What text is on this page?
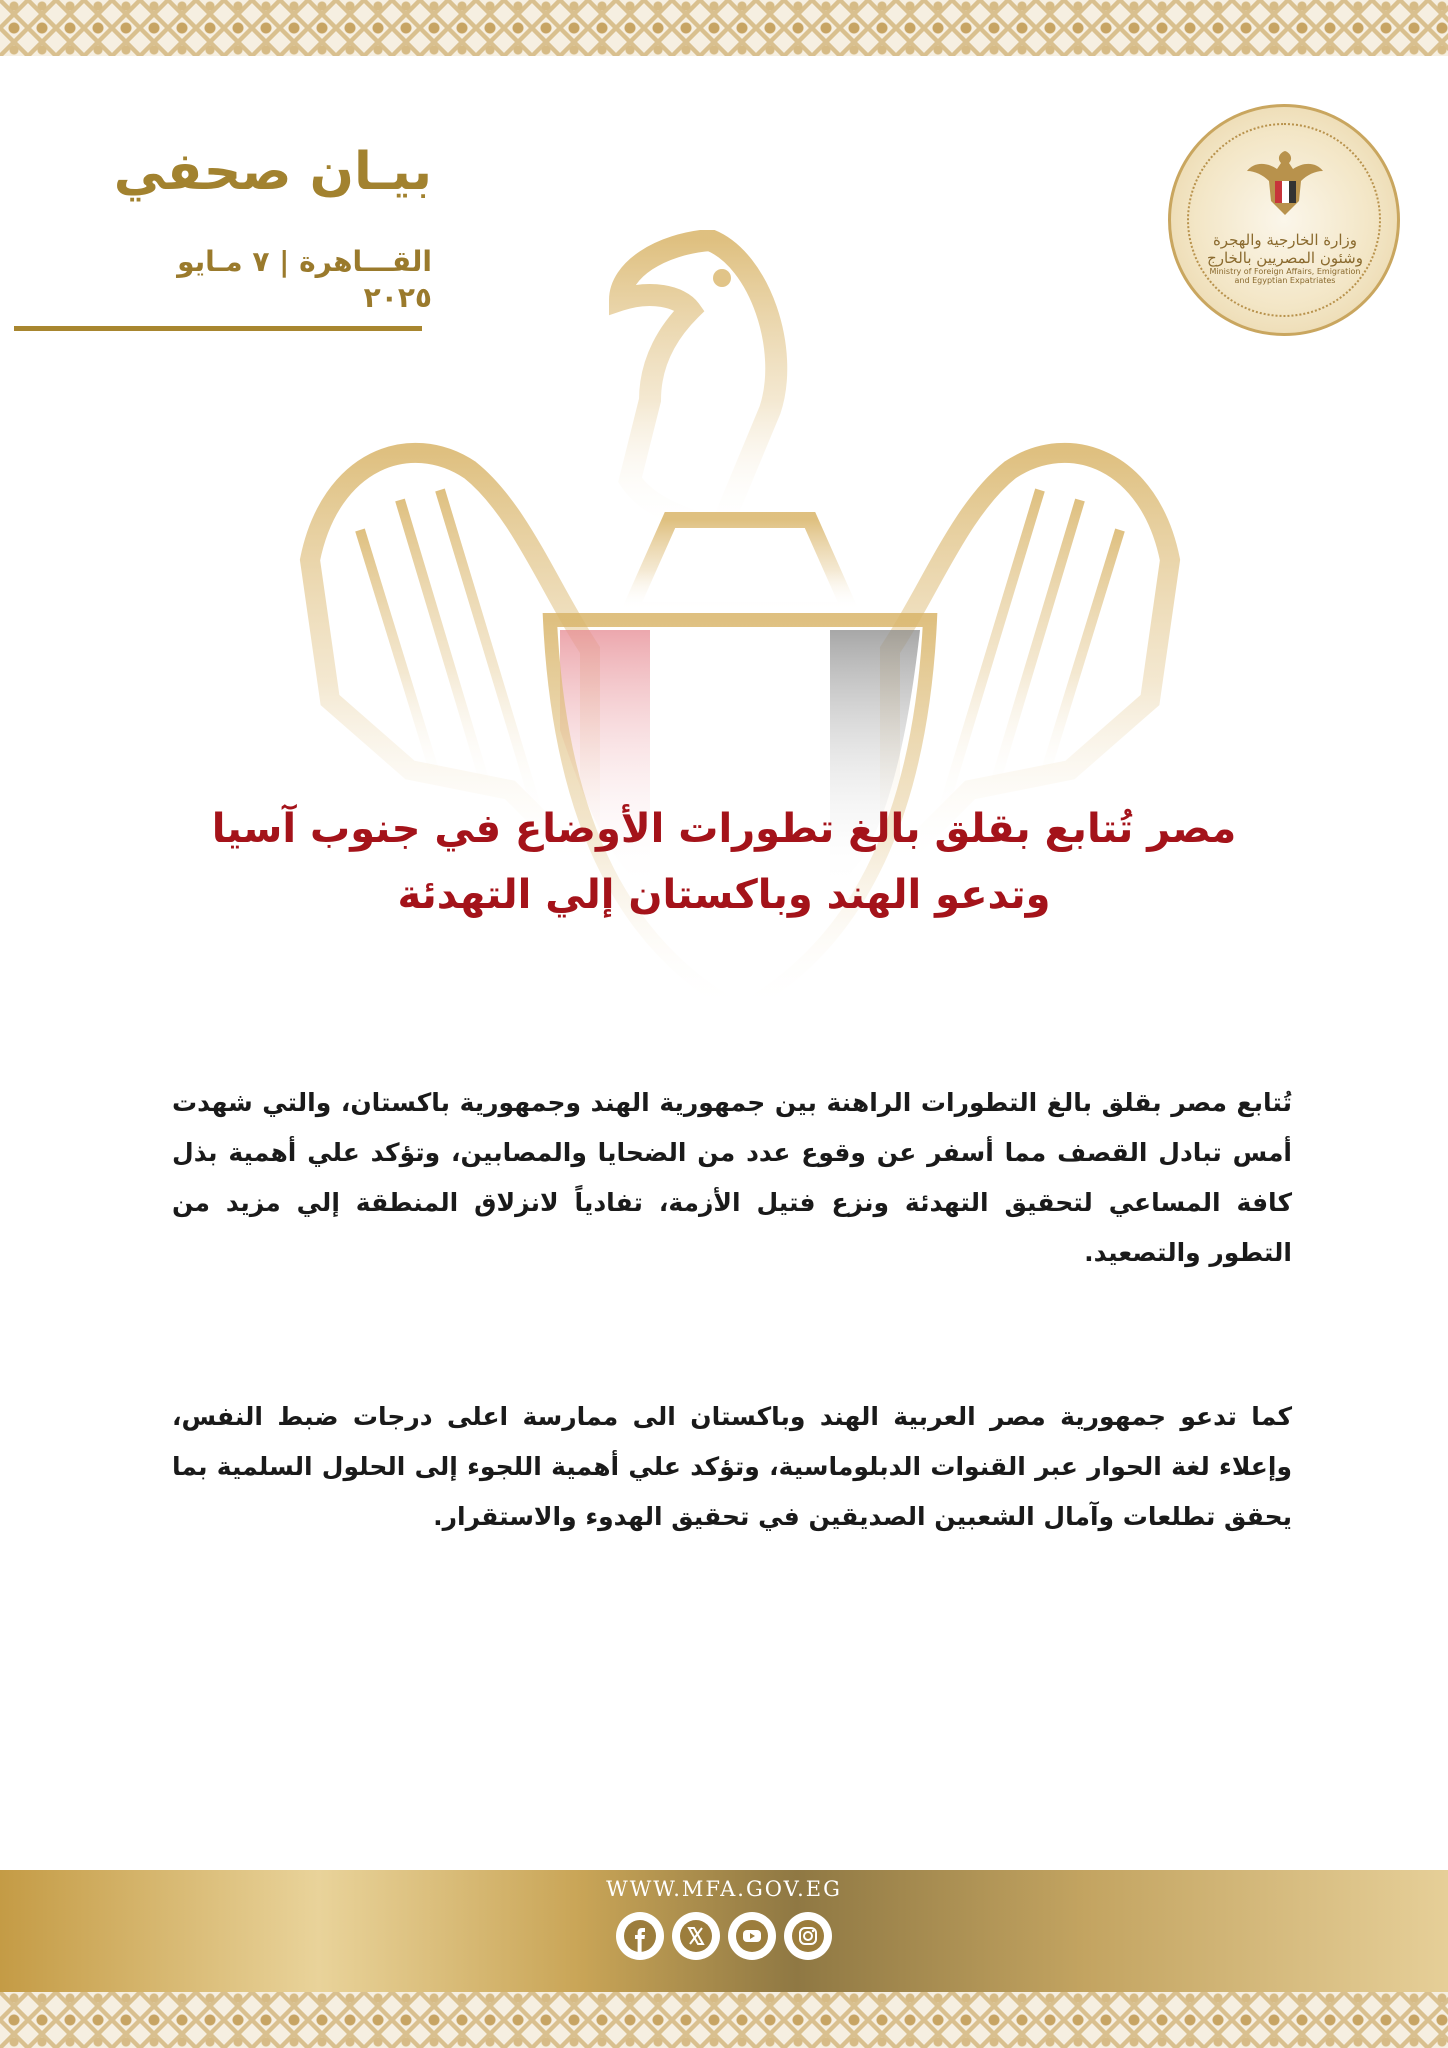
وزارة الخارجية والهجرة وشئون المصريين بالخارج
Ministry of Foreign Affairs, Emigration and Egyptian Expatriates
بيـان صحفي
القـــاهرة | ٧ مـايو ٢٠٢٥
مصر تُتابع بقلق بالغ تطورات الأوضاع في جنوب آسيا
وتدعو الهند وباكستان إلي التهدئة

تُتابع مصر بقلق بالغ التطورات الراهنة بين جمهورية الهند وجمهورية باكستان، والتي شهدت أمس تبادل القصف مما أسفر عن وقوع عدد من الضحايا والمصابين، وتؤكد علي أهمية بذل كافة المساعي لتحقيق التهدئة ونزع فتيل الأزمة، تفادياً لانزلاق المنطقة إلي مزيد من التطور والتصعيد.

كما تدعو جمهورية مصر العربية الهند وباكستان الى ممارسة اعلى درجات ضبط النفس، وإعلاء لغة الحوار عبر القنوات الدبلوماسية، وتؤكد علي أهمية اللجوء إلى الحلول السلمية بما يحقق تطلعات وآمال الشعبين الصديقين في تحقيق الهدوء والاستقرار.

WWW.MFA.GOV.EG
